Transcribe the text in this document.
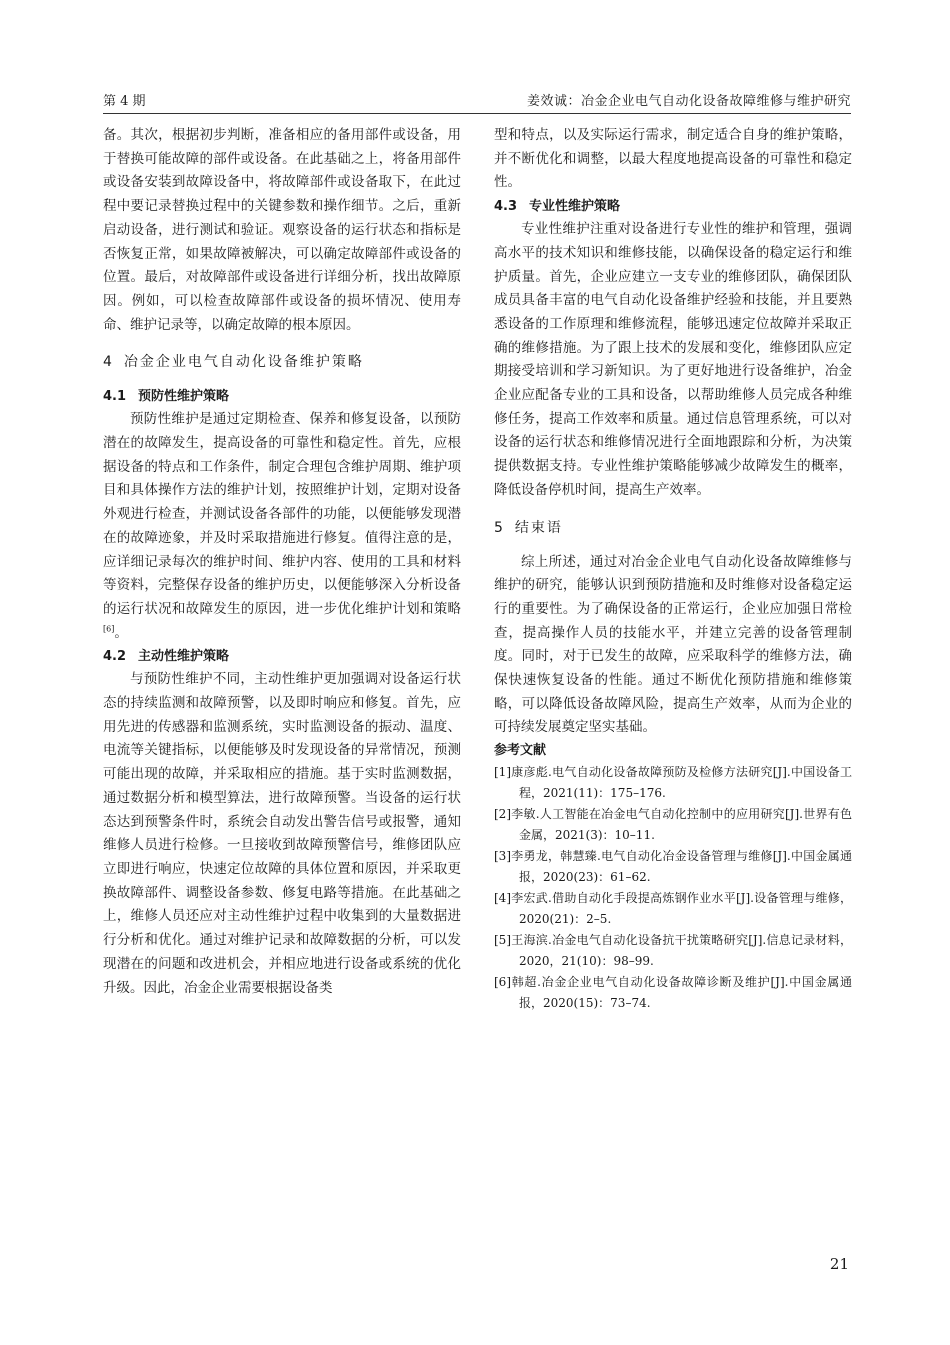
第 4 期	姜效诚：冶金企业电气自动化设备故障维修与维护研究

备。其次，根据初步判断，准备相应的备用部件或设备，用于替换可能故障的部件或设备。在此基础之上，将备用部件或设备安装到故障设备中，将故障部件或设备取下，在此过程中要记录替换过程中的关键参数和操作细节。之后，重新启动设备，进行测试和验证。观察设备的运行状态和指标是否恢复正常，如果故障被解决，可以确定故障部件或设备的位置。最后，对故障部件或设备进行详细分析，找出故障原因。例如，可以检查故障部件或设备的损坏情况、使用寿命、维护记录等，以确定故障的根本原因。

4 冶金企业电气自动化设备维护策略

4.1 预防性维护策略

预防性维护是通过定期检查、保养和修复设备，以预防潜在的故障发生，提高设备的可靠性和稳定性。首先，应根据设备的特点和工作条件，制定合理包含维护周期、维护项目和具体操作方法的维护计划，按照维护计划，定期对设备外观进行检查，并测试设备各部件的功能，以便能够发现潜在的故障迹象，并及时采取措施进行修复。值得注意的是，应详细记录每次的维护时间、维护内容、使用的工具和材料等资料，完整保存设备的维护历史，以便能够深入分析设备的运行状况和故障发生的原因，进一步优化维护计划和策略[6]。

4.2 主动性维护策略

与预防性维护不同，主动性维护更加强调对设备运行状态的持续监测和故障预警，以及即时响应和修复。首先，应用先进的传感器和监测系统，实时监测设备的振动、温度、电流等关键指标，以便能够及时发现设备的异常情况，预测可能出现的故障，并采取相应的措施。基于实时监测数据，通过数据分析和模型算法，进行故障预警。当设备的运行状态达到预警条件时，系统会自动发出警告信号或报警，通知维修人员进行检修。一旦接收到故障预警信号，维修团队应立即进行响应，快速定位故障的具体位置和原因，并采取更换故障部件、调整设备参数、修复电路等措施。在此基础之上，维修人员还应对主动性维护过程中收集到的大量数据进行分析和优化。通过对维护记录和故障数据的分析，可以发现潜在的问题和改进机会，并相应地进行设备或系统的优化升级。因此，冶金企业需要根据设备类

型和特点，以及实际运行需求，制定适合自身的维护策略，并不断优化和调整，以最大程度地提高设备的可靠性和稳定性。

4.3 专业性维护策略

专业性维护注重对设备进行专业性的维护和管理，强调高水平的技术知识和维修技能，以确保设备的稳定运行和维护质量。首先，企业应建立一支专业的维修团队，确保团队成员具备丰富的电气自动化设备维护经验和技能，并且要熟悉设备的工作原理和维修流程，能够迅速定位故障并采取正确的维修措施。为了跟上技术的发展和变化，维修团队应定期接受培训和学习新知识。为了更好地进行设备维护，冶金企业应配备专业的工具和设备，以帮助维修人员完成各种维修任务，提高工作效率和质量。通过信息管理系统，可以对设备的运行状态和维修情况进行全面地跟踪和分析，为决策提供数据支持。专业性维护策略能够减少故障发生的概率，降低设备停机时间，提高生产效率。

5 结束语

综上所述，通过对冶金企业电气自动化设备故障维修与维护的研究，能够认识到预防措施和及时维修对设备稳定运行的重要性。为了确保设备的正常运行，企业应加强日常检查，提高操作人员的技能水平，并建立完善的设备管理制度。同时，对于已发生的故障，应采取科学的维修方法，确保快速恢复设备的性能。通过不断优化预防措施和维修策略，可以降低设备故障风险，提高生产效率，从而为企业的可持续发展奠定坚实基础。

参考文献

[1]康彦彪.电气自动化设备故障预防及检修方法研究[J].中国设备工程，2021(11)：175–176.

[2]李敏.人工智能在冶金电气自动化控制中的应用研究[J].世界有色金属，2021(3)：10–11.

[3]李勇龙，韩慧臻.电气自动化冶金设备管理与维修[J].中国金属通报，2020(23)：61–62.

[4]李宏武.借助自动化手段提高炼钢作业水平[J].设备管理与维修，2020(21)：2–5.

[5]王海滨.冶金电气自动化设备抗干扰策略研究[J].信息记录材料，2020，21(10)：98–99.

[6]韩超.冶金企业电气自动化设备故障诊断及维护[J].中国金属通报，2020(15)：73–74.

21
